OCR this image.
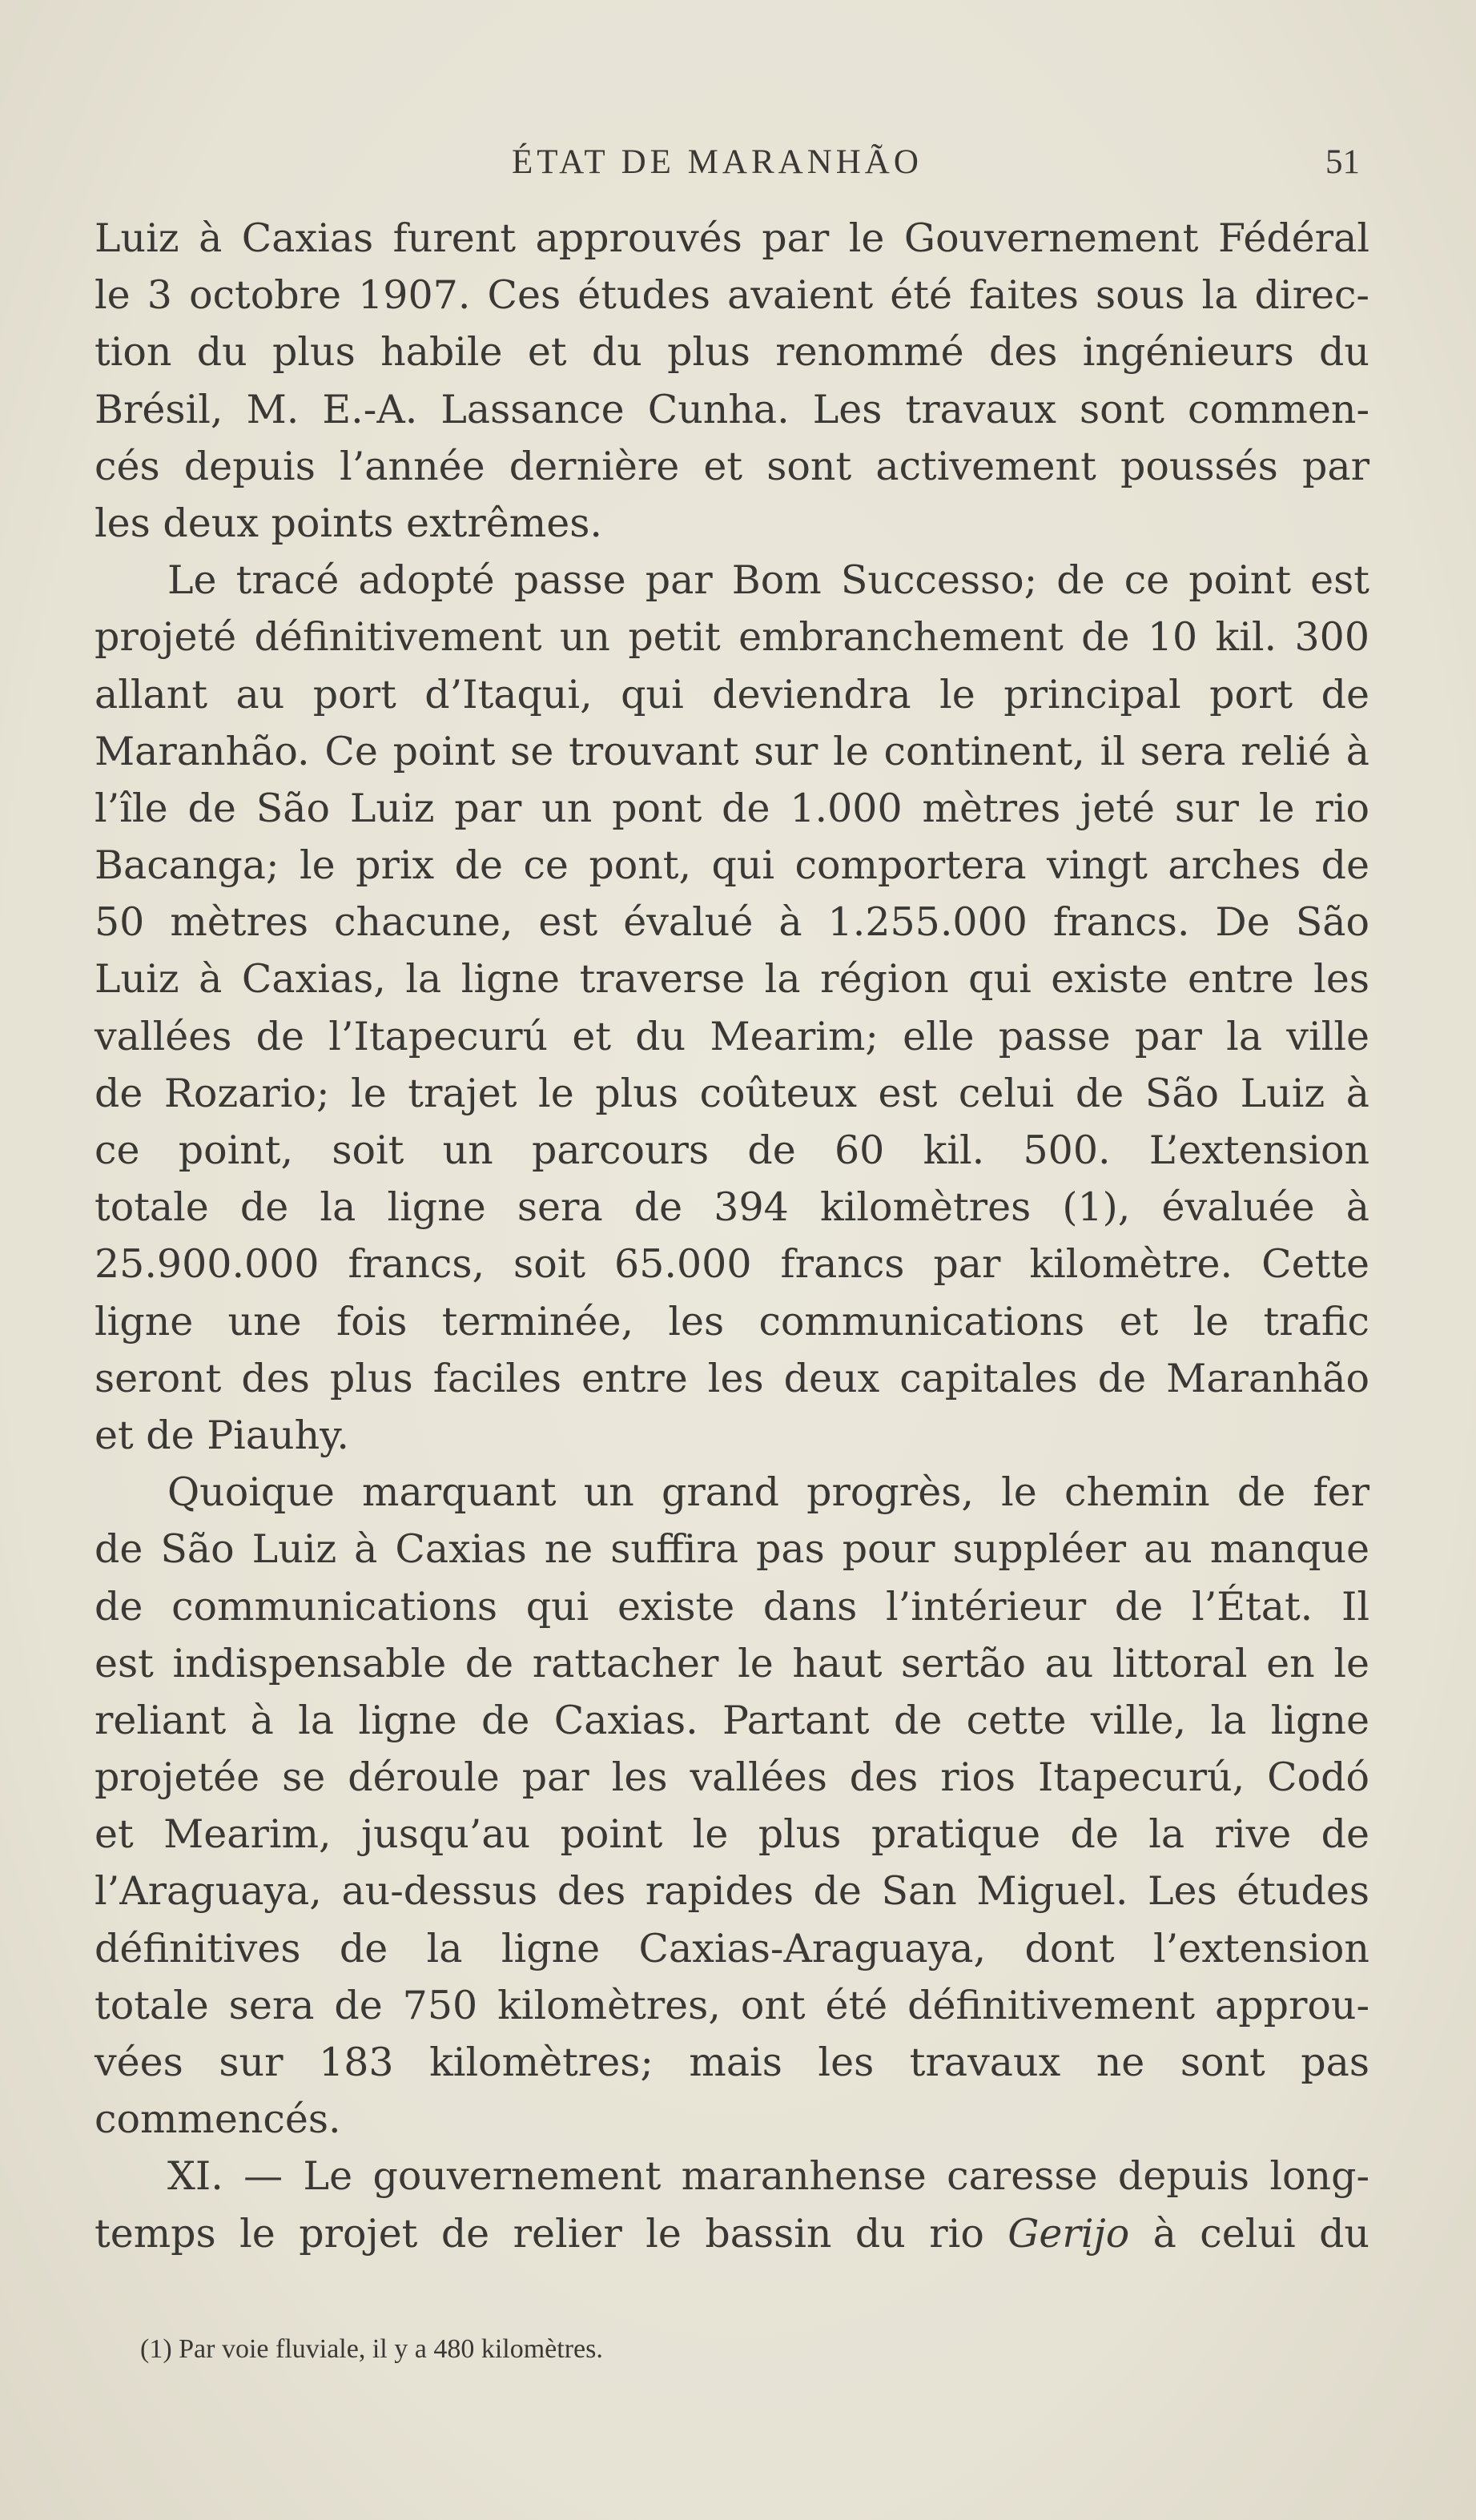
ÉTAT DE MARANHÃO	51
Luiz à Caxias furent approuvés par le Gouvernement Fédéral
le 3 octobre 1907. Ces études avaient été faites sous la direc-
tion du plus habile et du plus renommé des ingénieurs du
Brésil, M. E.-A. Lassance Cunha. Les travaux sont commen-
cés depuis l’année dernière et sont activement poussés par
les deux points extrêmes.
Le tracé adopté passe par Bom Successo; de ce point est
projeté définitivement un petit embranchement de 10 kil. 300
allant au port d’Itaqui, qui deviendra le principal port de
Maranhão. Ce point se trouvant sur le continent, il sera relié à
l’île de São Luiz par un pont de 1.000 mètres jeté sur le rio
Bacanga; le prix de ce pont, qui comportera vingt arches de
50 mètres chacune, est évalué à 1.255.000 francs. De São
Luiz à Caxias, la ligne traverse la région qui existe entre les
vallées de l’Itapecurú et du Mearim; elle passe par la ville
de Rozario; le trajet le plus coûteux est celui de São Luiz à
ce point, soit un parcours de 60 kil. 500. L’extension
totale de la ligne sera de 394 kilomètres (1), évaluée à
25.900.000 francs, soit 65.000 francs par kilomètre. Cette
ligne une fois terminée, les communications et le trafic
seront des plus faciles entre les deux capitales de Maranhão
et de Piauhy.
Quoique marquant un grand progrès, le chemin de fer
de São Luiz à Caxias ne suffira pas pour suppléer au manque
de communications qui existe dans l’intérieur de l’État. Il
est indispensable de rattacher le haut sertão au littoral en le
reliant à la ligne de Caxias. Partant de cette ville, la ligne
projetée se déroule par les vallées des rios Itapecurú, Codó
et Mearim, jusqu’au point le plus pratique de la rive de
l’Araguaya, au-dessus des rapides de San Miguel. Les études
définitives de la ligne Caxias-Araguaya, dont l’extension
totale sera de 750 kilomètres, ont été définitivement approu-
vées sur 183 kilomètres; mais les travaux ne sont pas
commencés.
XI. — Le gouvernement maranhense caresse depuis long-
temps le projet de relier le bassin du rio Gerijo à celui du
(1) Par voie fluviale, il y a 480 kilomètres.
